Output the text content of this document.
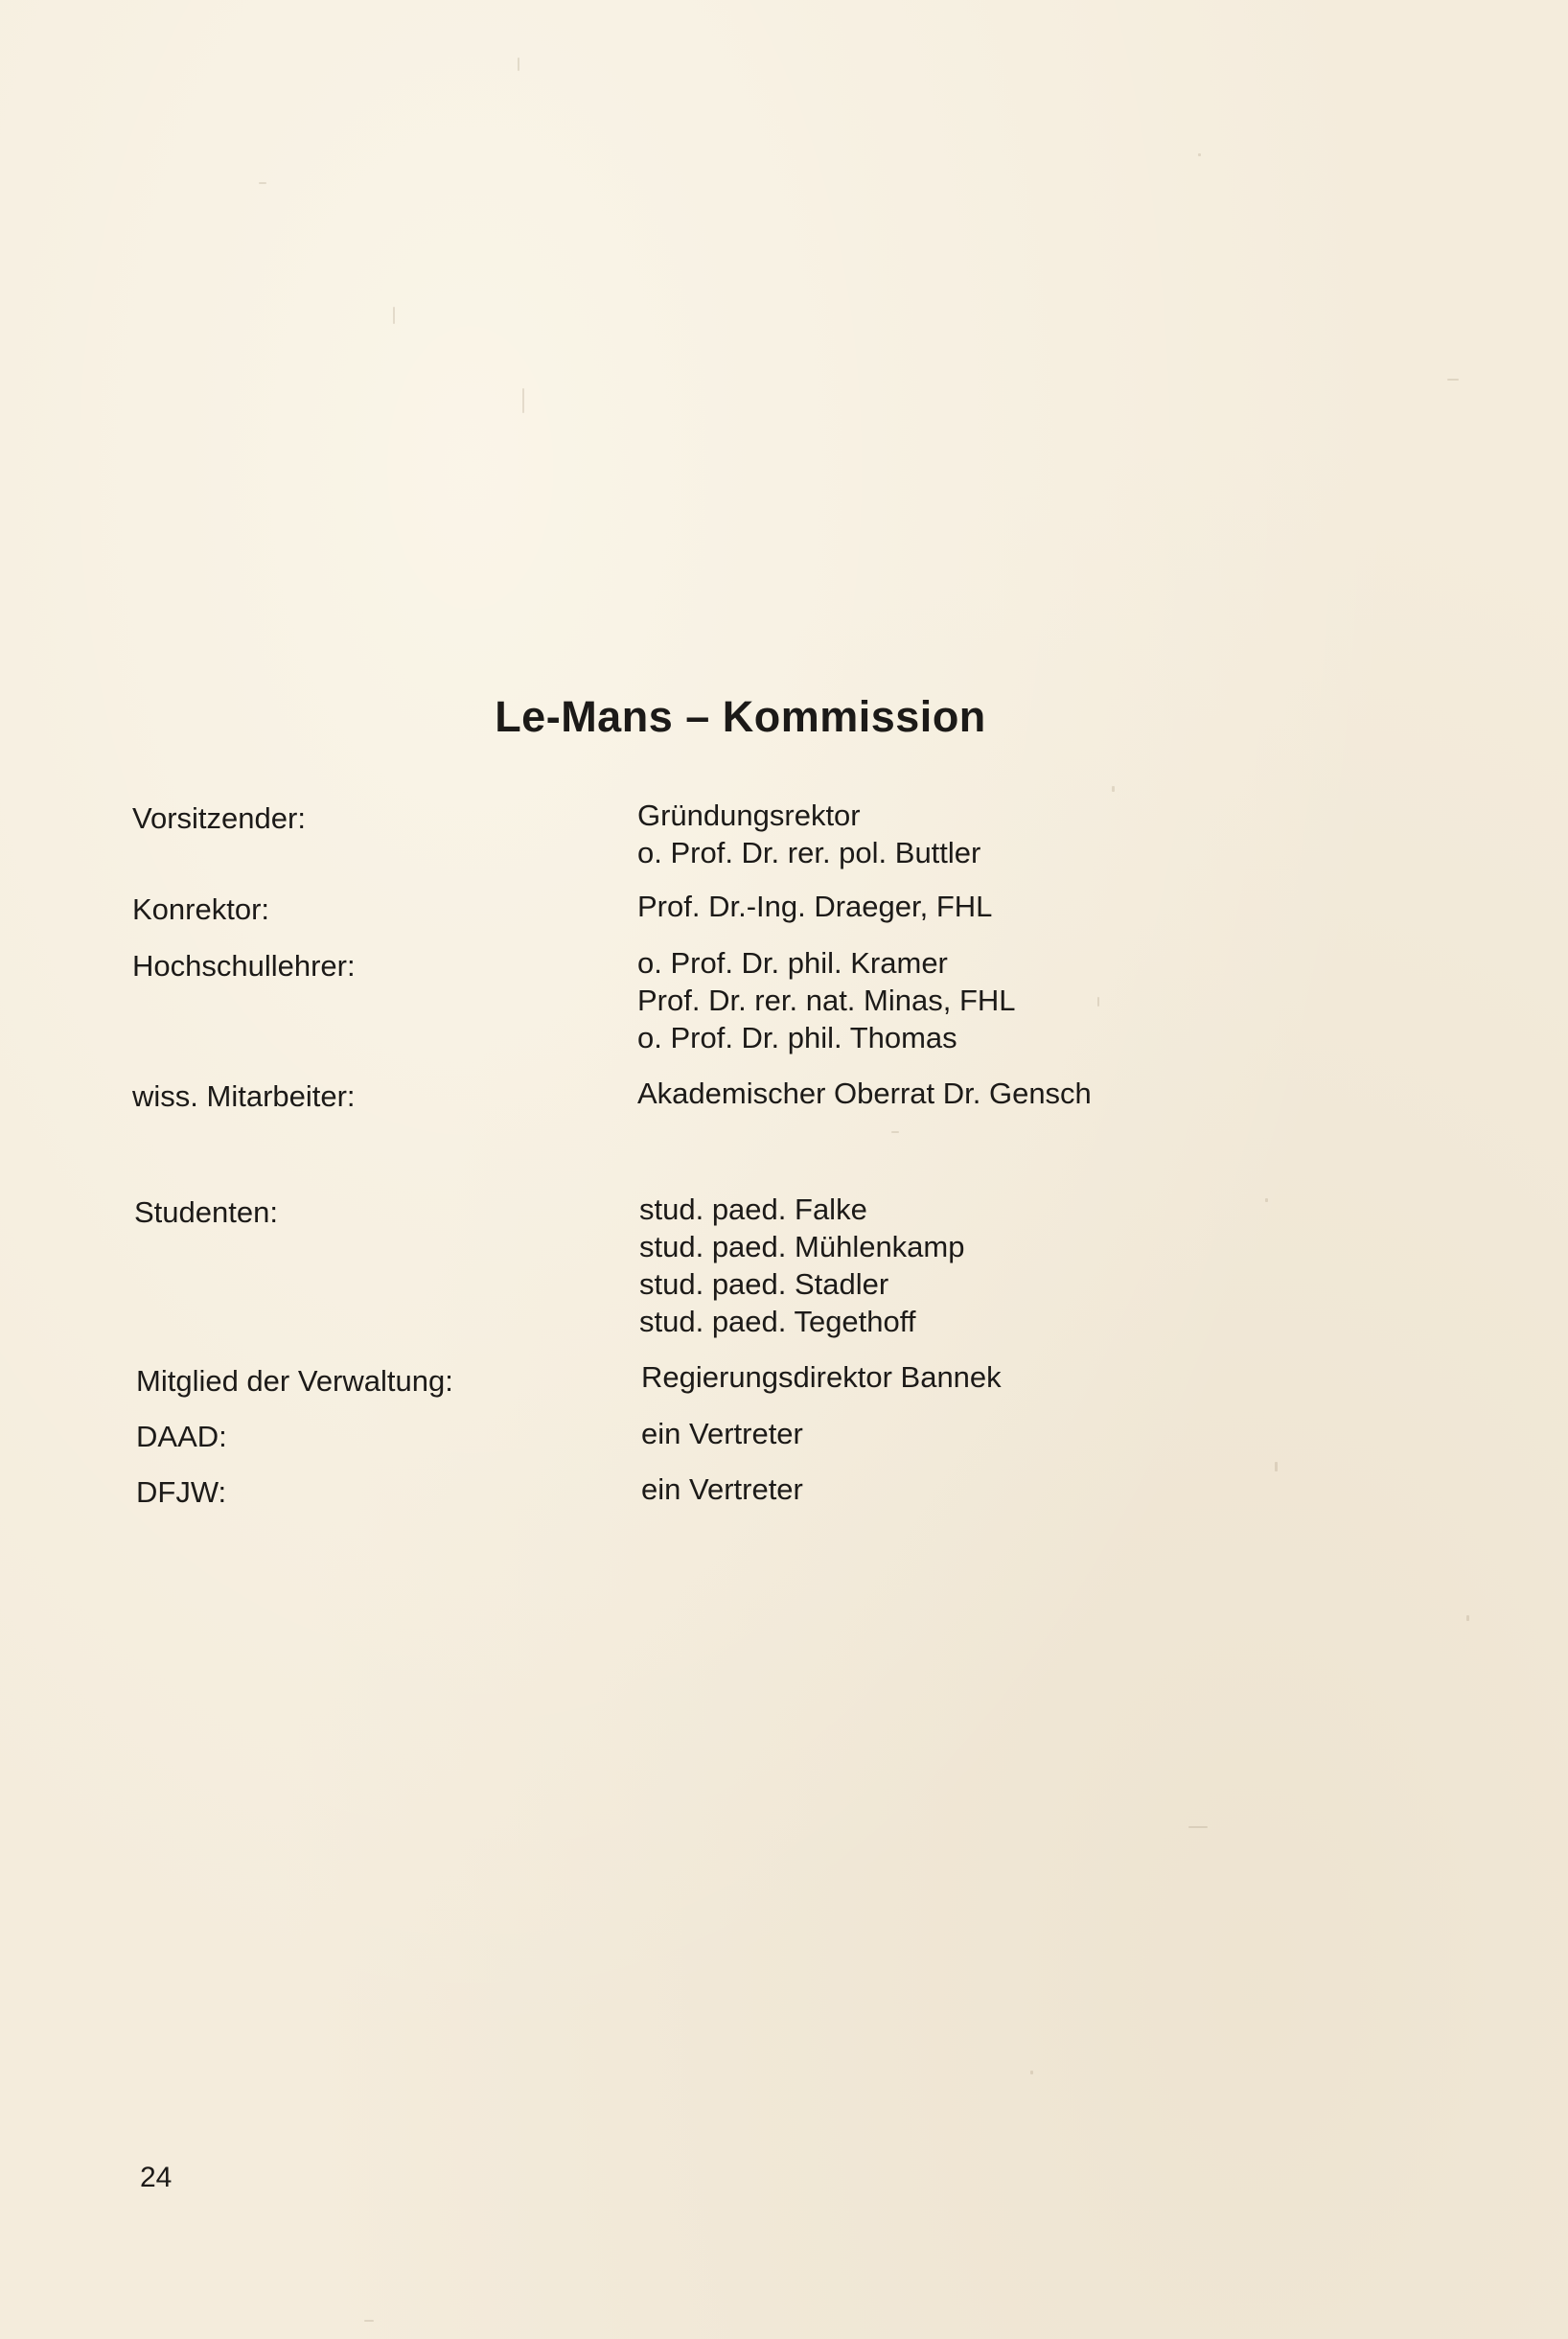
Le-Mans – Kommission
Vorsitzender:	Gründungsrektor
o. Prof. Dr. rer. pol. Buttler
Konrektor:	Prof. Dr.-Ing. Draeger, FHL
Hochschullehrer:	o. Prof. Dr. phil. Kramer
Prof. Dr. rer. nat. Minas, FHL
o. Prof. Dr. phil. Thomas
wiss. Mitarbeiter:	Akademischer Oberrat Dr. Gensch
Studenten:	stud. paed. Falke
stud. paed. Mühlenkamp
stud. paed. Stadler
stud. paed. Tegethoff
Mitglied der Verwaltung:	Regierungsdirektor Bannek
DAAD:	ein Vertreter
DFJW:	ein Vertreter
24
